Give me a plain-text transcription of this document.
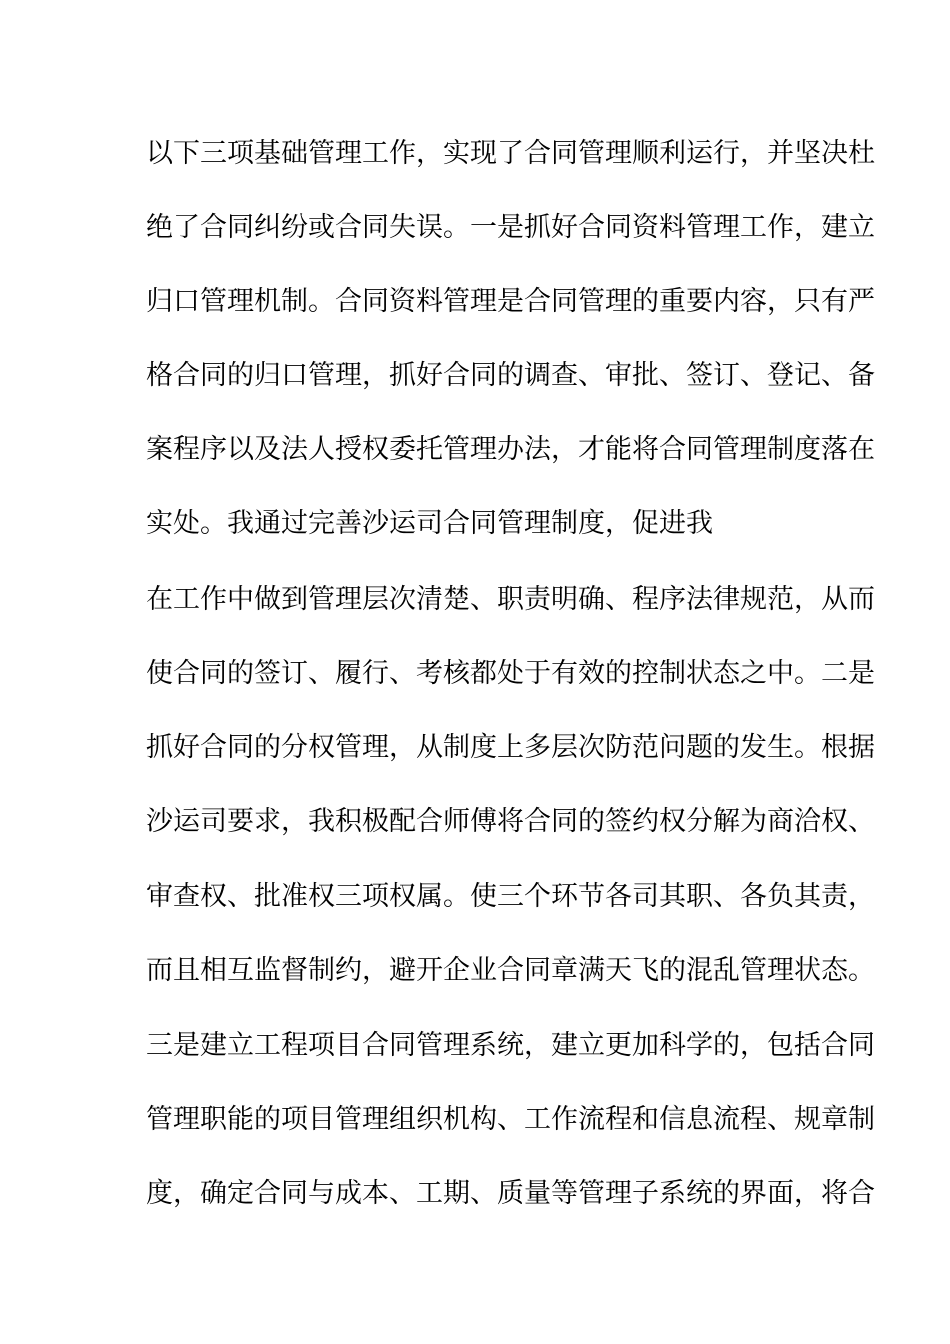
以下三项基础管理工作，实现了合同管理顺利运行，并坚决杜
绝了合同纠纷或合同失误。一是抓好合同资料管理工作，建立
归口管理机制。合同资料管理是合同管理的重要内容，只有严
格合同的归口管理，抓好合同的调查、审批、签订、登记、备
案程序以及法人授权委托管理办法，才能将合同管理制度落在
实处。我通过完善沙运司合同管理制度，促进我
在工作中做到管理层次清楚、职责明确、程序法律规范，从而
使合同的签订、履行、考核都处于有效的控制状态之中。二是
抓好合同的分权管理，从制度上多层次防范问题的发生。根据
沙运司要求，我积极配合师傅将合同的签约权分解为商洽权、
审查权、批准权三项权属。使三个环节各司其职、各负其责，
而且相互监督制约，避开企业合同章满天飞的混乱管理状态。
三是建立工程项目合同管理系统，建立更加科学的，包括合同
管理职能的项目管理组织机构、工作流程和信息流程、规章制
度，确定合同与成本、工期、质量等管理子系统的界面，将合
